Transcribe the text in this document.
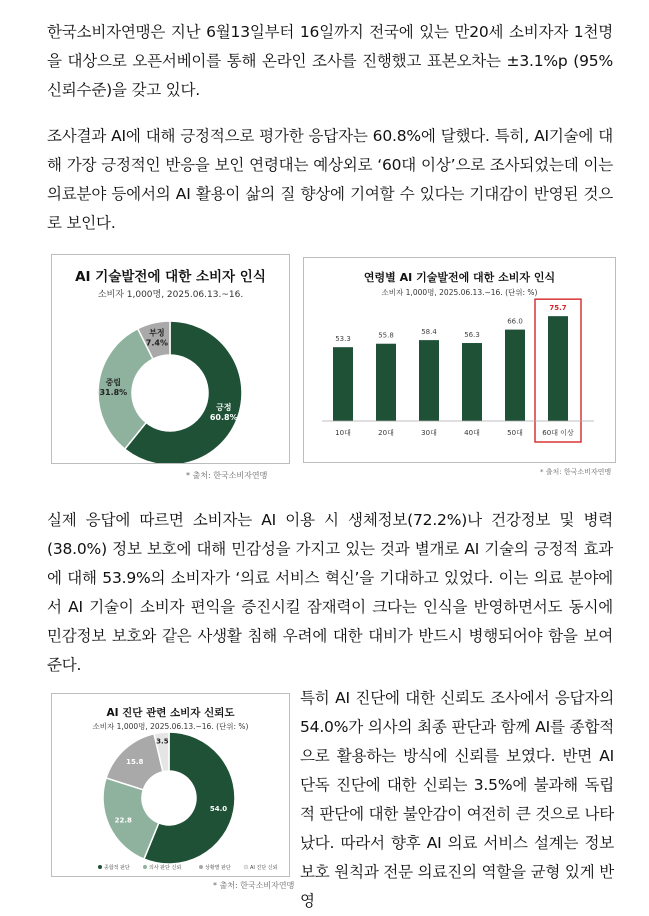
한국소비자연맹은 지난 6월13일부터 16일까지 전국에 있는 만20세 소비자자 1천명을 대상으로 오픈서베이를 통해 온라인 조사를 진행했고 표본오차는 ±3.1%p (95% 신뢰수준)을 갖고 있다.

조사결과 AI에 대해 긍정적으로 평가한 응답자는 60.8%에 달했다. 특히, AI기술에 대해 가장 긍정적인 반응을 보인 연령대는 예상외로 ‘60대 이상’으로 조사되었는데 이는 의료분야 등에서의 AI 활용이 삶의 질 향상에 기여할 수 있다는 기대감이 반영된 것으로 보인다.

AI 기술발전에 대한 소비자 인식
소비자 1,000명, 2025.06.13.~16.
긍정
60.8%
중립
31.8%
부정
7.4%
* 출처: 한국소비자연맹
연령별 AI 기술발전에 대한 소비자 인식
소비자 1,000명, 2025.06.13.~16. (단위: %)
53.3
10대
55.8
20대
58.4
30대
56.3
40대
66.0
50대
75.7
60대 이상
* 출처: 한국소비자연맹

실제 응답에 따르면 소비자는 AI 이용 시 생체정보(72.2%)나 건강정보 및 병력(38.0%) 정보 보호에 대해 민감성을 가지고 있는 것과 별개로 AI 기술의 긍정적 효과에 대해 53.9%의 소비자가 ‘의료 서비스 혁신’을 기대하고 있었다. 이는 의료 분야에서 AI 기술이 소비자 편익을 증진시킬 잠재력이 크다는 인식을 반영하면서도 동시에 민감정보 보호와 같은 사생활 침해 우려에 대한 대비가 반드시 병행되어야 함을 보여준다.

AI 진단 관련 소비자 신뢰도
소비자 1,000명, 2025.06.13.~16. (단위: %)
54.0
22.8
15.8
3.5
종합적 판단	의사 판단 신뢰	상황별 판단	AI 진단 신뢰
* 출처: 한국소비자연맹

특히 AI 진단에 대한 신뢰도 조사에서 응답자의 54.0%가 의사의 최종 판단과 함께 AI를 종합적으로 활용하는 방식에 신뢰를 보였다. 반면 AI 단독 진단에 대한 신뢰는 3.5%에 불과해 독립적 판단에 대한 불안감이 여전히 큰 것으로 나타났다. 따라서 향후 AI 의료 서비스 설계는 정보보호 원칙과 전문 의료진의 역할을 균형 있게 반영
